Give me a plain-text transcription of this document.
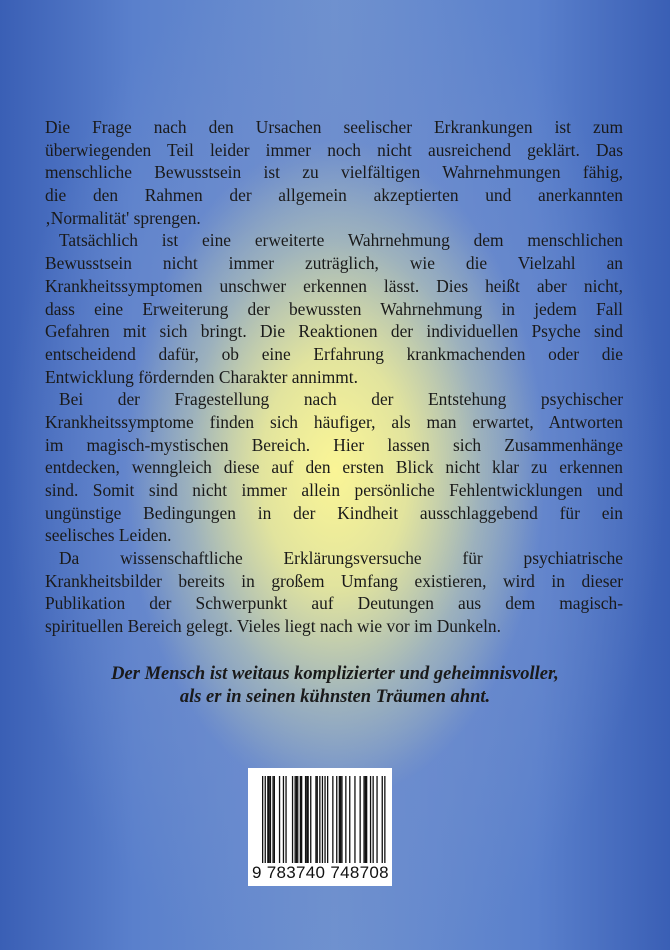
Die Frage nach den Ursachen seelischer Erkrankungen ist zum
überwiegenden Teil leider immer noch nicht ausreichend geklärt. Das
menschliche Bewusstsein ist zu vielfältigen Wahrnehmungen fähig,
die den Rahmen der allgemein akzeptierten und anerkannten
‚Normalität' sprengen.
Tatsächlich ist eine erweiterte Wahrnehmung dem menschlichen
Bewusstsein nicht immer zuträglich, wie die Vielzahl an
Krankheitssymptomen unschwer erkennen lässt. Dies heißt aber nicht,
dass eine Erweiterung der bewussten Wahrnehmung in jedem Fall
Gefahren mit sich bringt. Die Reaktionen der individuellen Psyche sind
entscheidend dafür, ob eine Erfahrung krankmachenden oder die
Entwicklung fördernden Charakter annimmt.
Bei der Fragestellung nach der Entstehung psychischer
Krankheitssymptome finden sich häufiger, als man erwartet, Antworten
im magisch-mystischen Bereich. Hier lassen sich Zusammenhänge
entdecken, wenngleich diese auf den ersten Blick nicht klar zu erkennen
sind. Somit sind nicht immer allein persönliche Fehlentwicklungen und
ungünstige Bedingungen in der Kindheit ausschlaggebend für ein
seelisches Leiden.
Da wissenschaftliche Erklärungsversuche für psychiatrische
Krankheitsbilder bereits in großem Umfang existieren, wird in dieser
Publikation der Schwerpunkt auf Deutungen aus dem magisch-
spirituellen Bereich gelegt. Vieles liegt nach wie vor im Dunkeln.
Der Mensch ist weitaus komplizierter und geheimnisvoller,
als er in seinen kühnsten Träumen ahnt.
9 783740 748708
